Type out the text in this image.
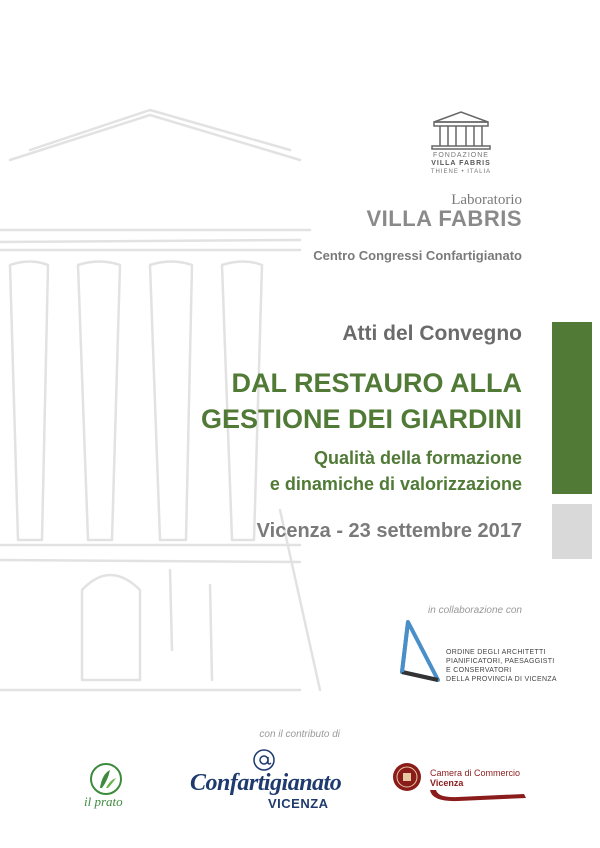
FONDAZIONE
VILLA FABRIS
THIENE • ITALIA
Laboratorio
VILLA FABRIS
Centro Congressi Confartigianato
Atti del Convegno
DAL RESTAURO ALLA
GESTIONE DEI GIARDINI
Qualità della formazione
e dinamiche di valorizzazione
Vicenza - 23 settembre 2017
in collaborazione con
ORDINE DEGLI ARCHITETTI
PIANIFICATORI, PAESAGGISTI
E CONSERVATORI
DELLA PROVINCIA DI VICENZA
con il contributo di
il prato
Confartigianato
VICENZA
Camera di Commercio
Vicenza
